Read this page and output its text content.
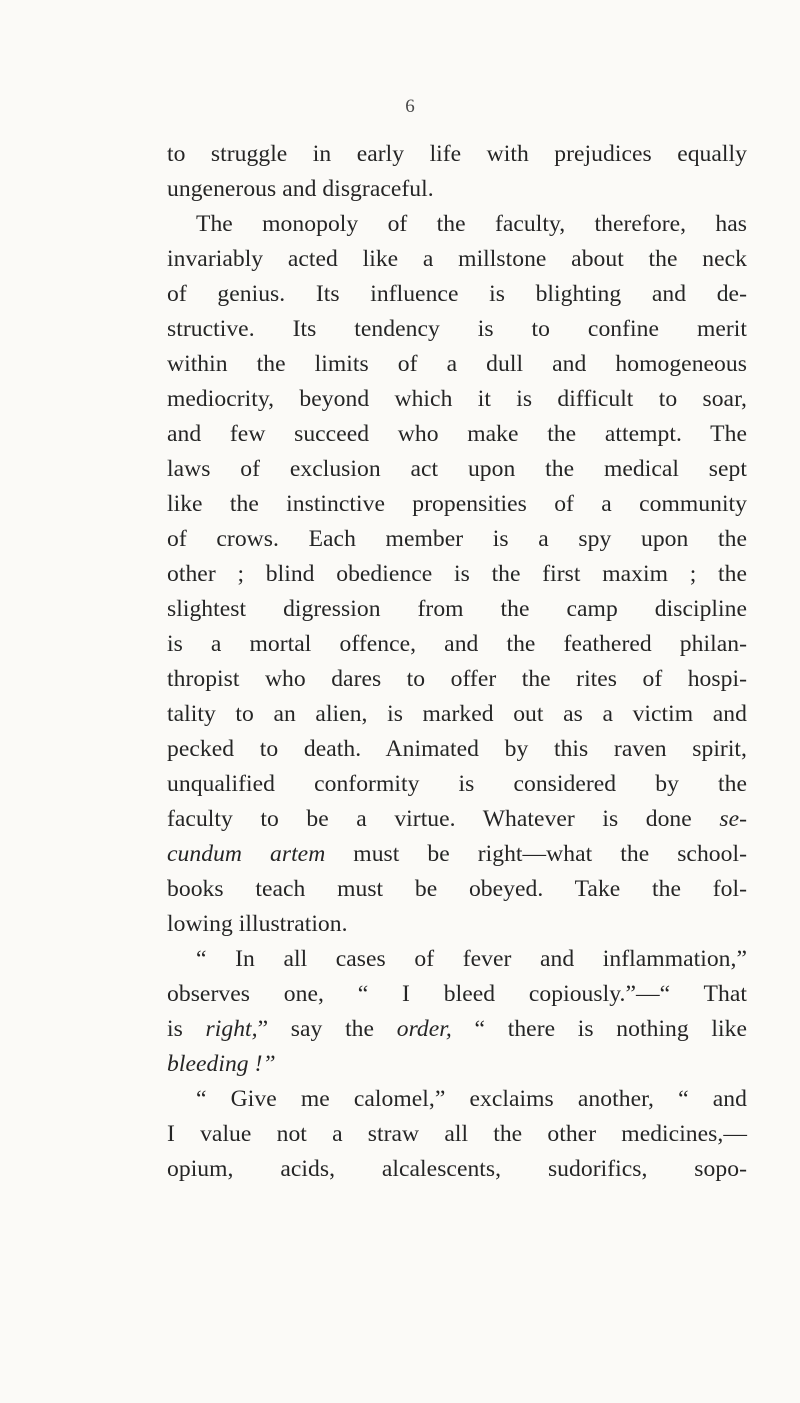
6
to struggle in early life with prejudices equally
ungenerous and disgraceful.
The monopoly of the faculty, therefore, has
invariably acted like a millstone about the neck
of genius. Its influence is blighting and de-
structive. Its tendency is to confine merit
within the limits of a dull and homogeneous
mediocrity, beyond which it is difficult to soar,
and few succeed who make the attempt. The
laws of exclusion act upon the medical sept
like the instinctive propensities of a community
of crows. Each member is a spy upon the
other ; blind obedience is the first maxim ; the
slightest digression from the camp discipline
is a mortal offence, and the feathered philan-
thropist who dares to offer the rites of hospi-
tality to an alien, is marked out as a victim and
pecked to death. Animated by this raven spirit,
unqualified conformity is considered by the
faculty to be a virtue. Whatever is done se-
cundum artem must be right—what the school-
books teach must be obeyed. Take the fol-
lowing illustration.
“ In all cases of fever and inflammation,”
observes one, “ I bleed copiously.”—“ That
is right,” say the order, “ there is nothing like
bleeding !”
“ Give me calomel,” exclaims another, “ and
I value not a straw all the other medicines,—
opium, acids, alcalescents, sudorifics, sopo-
